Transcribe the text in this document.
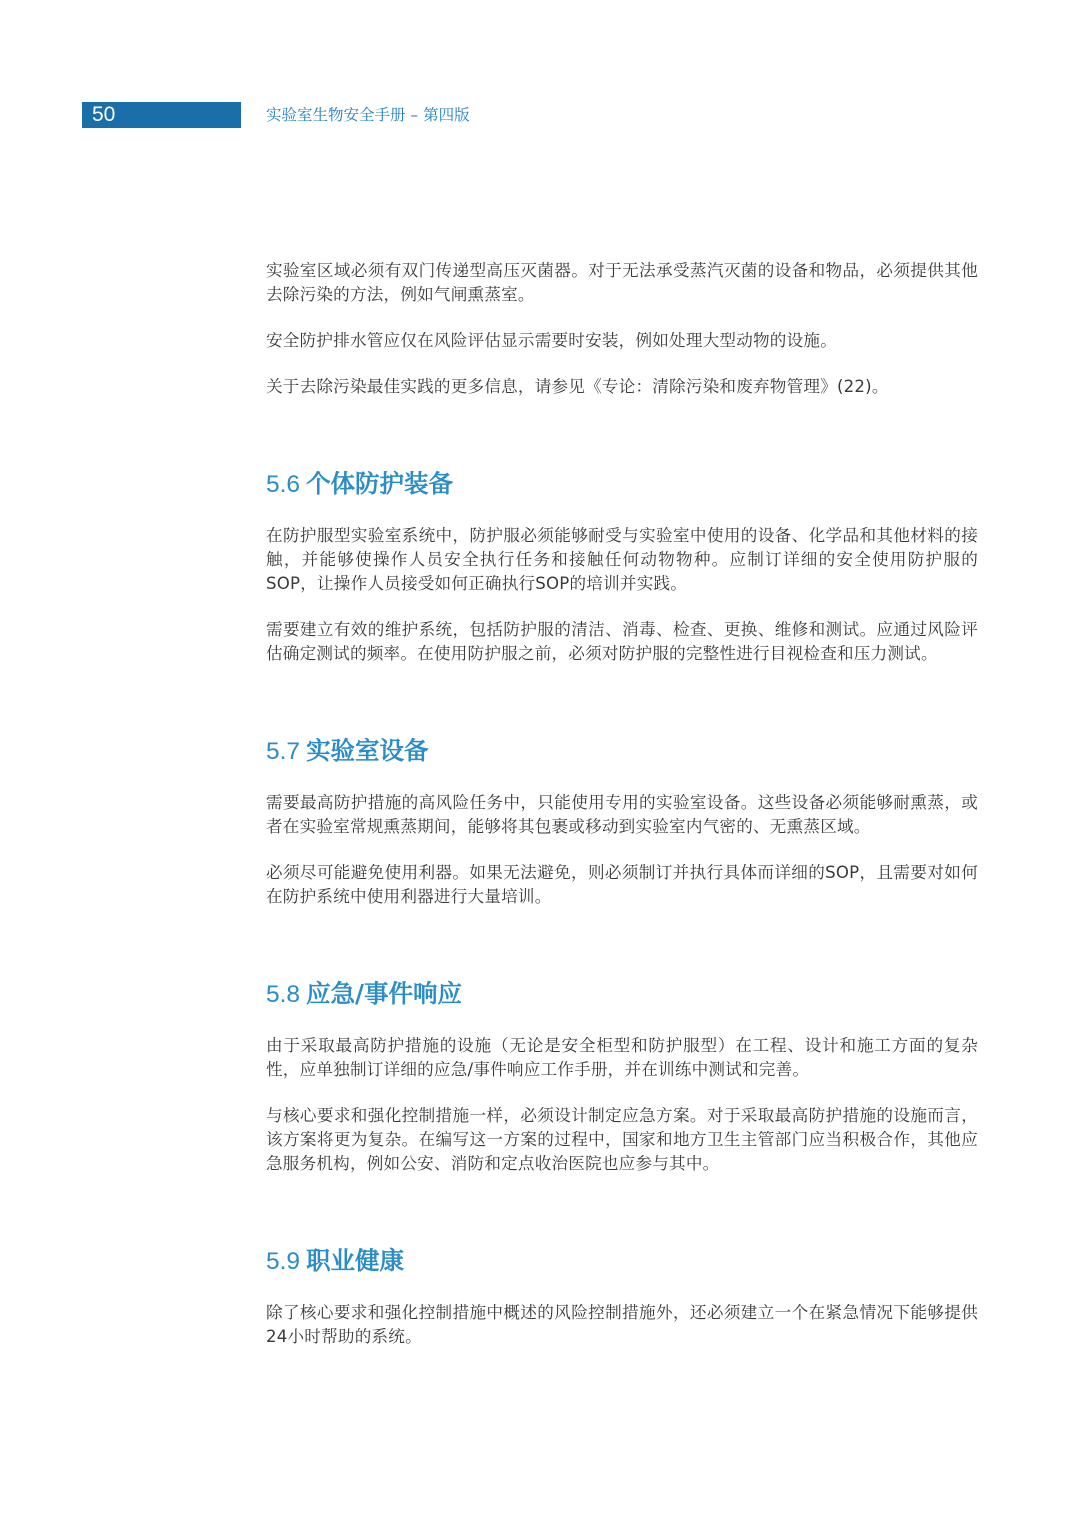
50	实验室生物安全手册 – 第四版

实验室区域必须有双门传递型高压灭菌器。对于无法承受蒸汽灭菌的设备和物品，必须提供其他去除污染的方法，例如气闸熏蒸室。

安全防护排水管应仅在风险评估显示需要时安装，例如处理大型动物的设施。

关于去除污染最佳实践的更多信息，请参见《专论：清除污染和废弃物管理》(22)。

5.6 个体防护装备

在防护服型实验室系统中，防护服必须能够耐受与实验室中使用的设备、化学品和其他材料的接触，并能够使操作人员安全执行任务和接触任何动物物种。应制订详细的安全使用防护服的SOP，让操作人员接受如何正确执行SOP的培训并实践。

需要建立有效的维护系统，包括防护服的清洁、消毒、检查、更换、维修和测试。应通过风险评估确定测试的频率。在使用防护服之前，必须对防护服的完整性进行目视检查和压力测试。

5.7 实验室设备

需要最高防护措施的高风险任务中，只能使用专用的实验室设备。这些设备必须能够耐熏蒸，或者在实验室常规熏蒸期间，能够将其包裹或移动到实验室内气密的、无熏蒸区域。

必须尽可能避免使用利器。如果无法避免，则必须制订并执行具体而详细的SOP，且需要对如何在防护系统中使用利器进行大量培训。

5.8 应急/事件响应

由于采取最高防护措施的设施（无论是安全柜型和防护服型）在工程、设计和施工方面的复杂性，应单独制订详细的应急/事件响应工作手册，并在训练中测试和完善。

与核心要求和强化控制措施一样，必须设计制定应急方案。对于采取最高防护措施的设施而言，该方案将更为复杂。在编写这一方案的过程中，国家和地方卫生主管部门应当积极合作，其他应急服务机构，例如公安、消防和定点收治医院也应参与其中。

5.9 职业健康

除了核心要求和强化控制措施中概述的风险控制措施外，还必须建立一个在紧急情况下能够提供24小时帮助的系统。
